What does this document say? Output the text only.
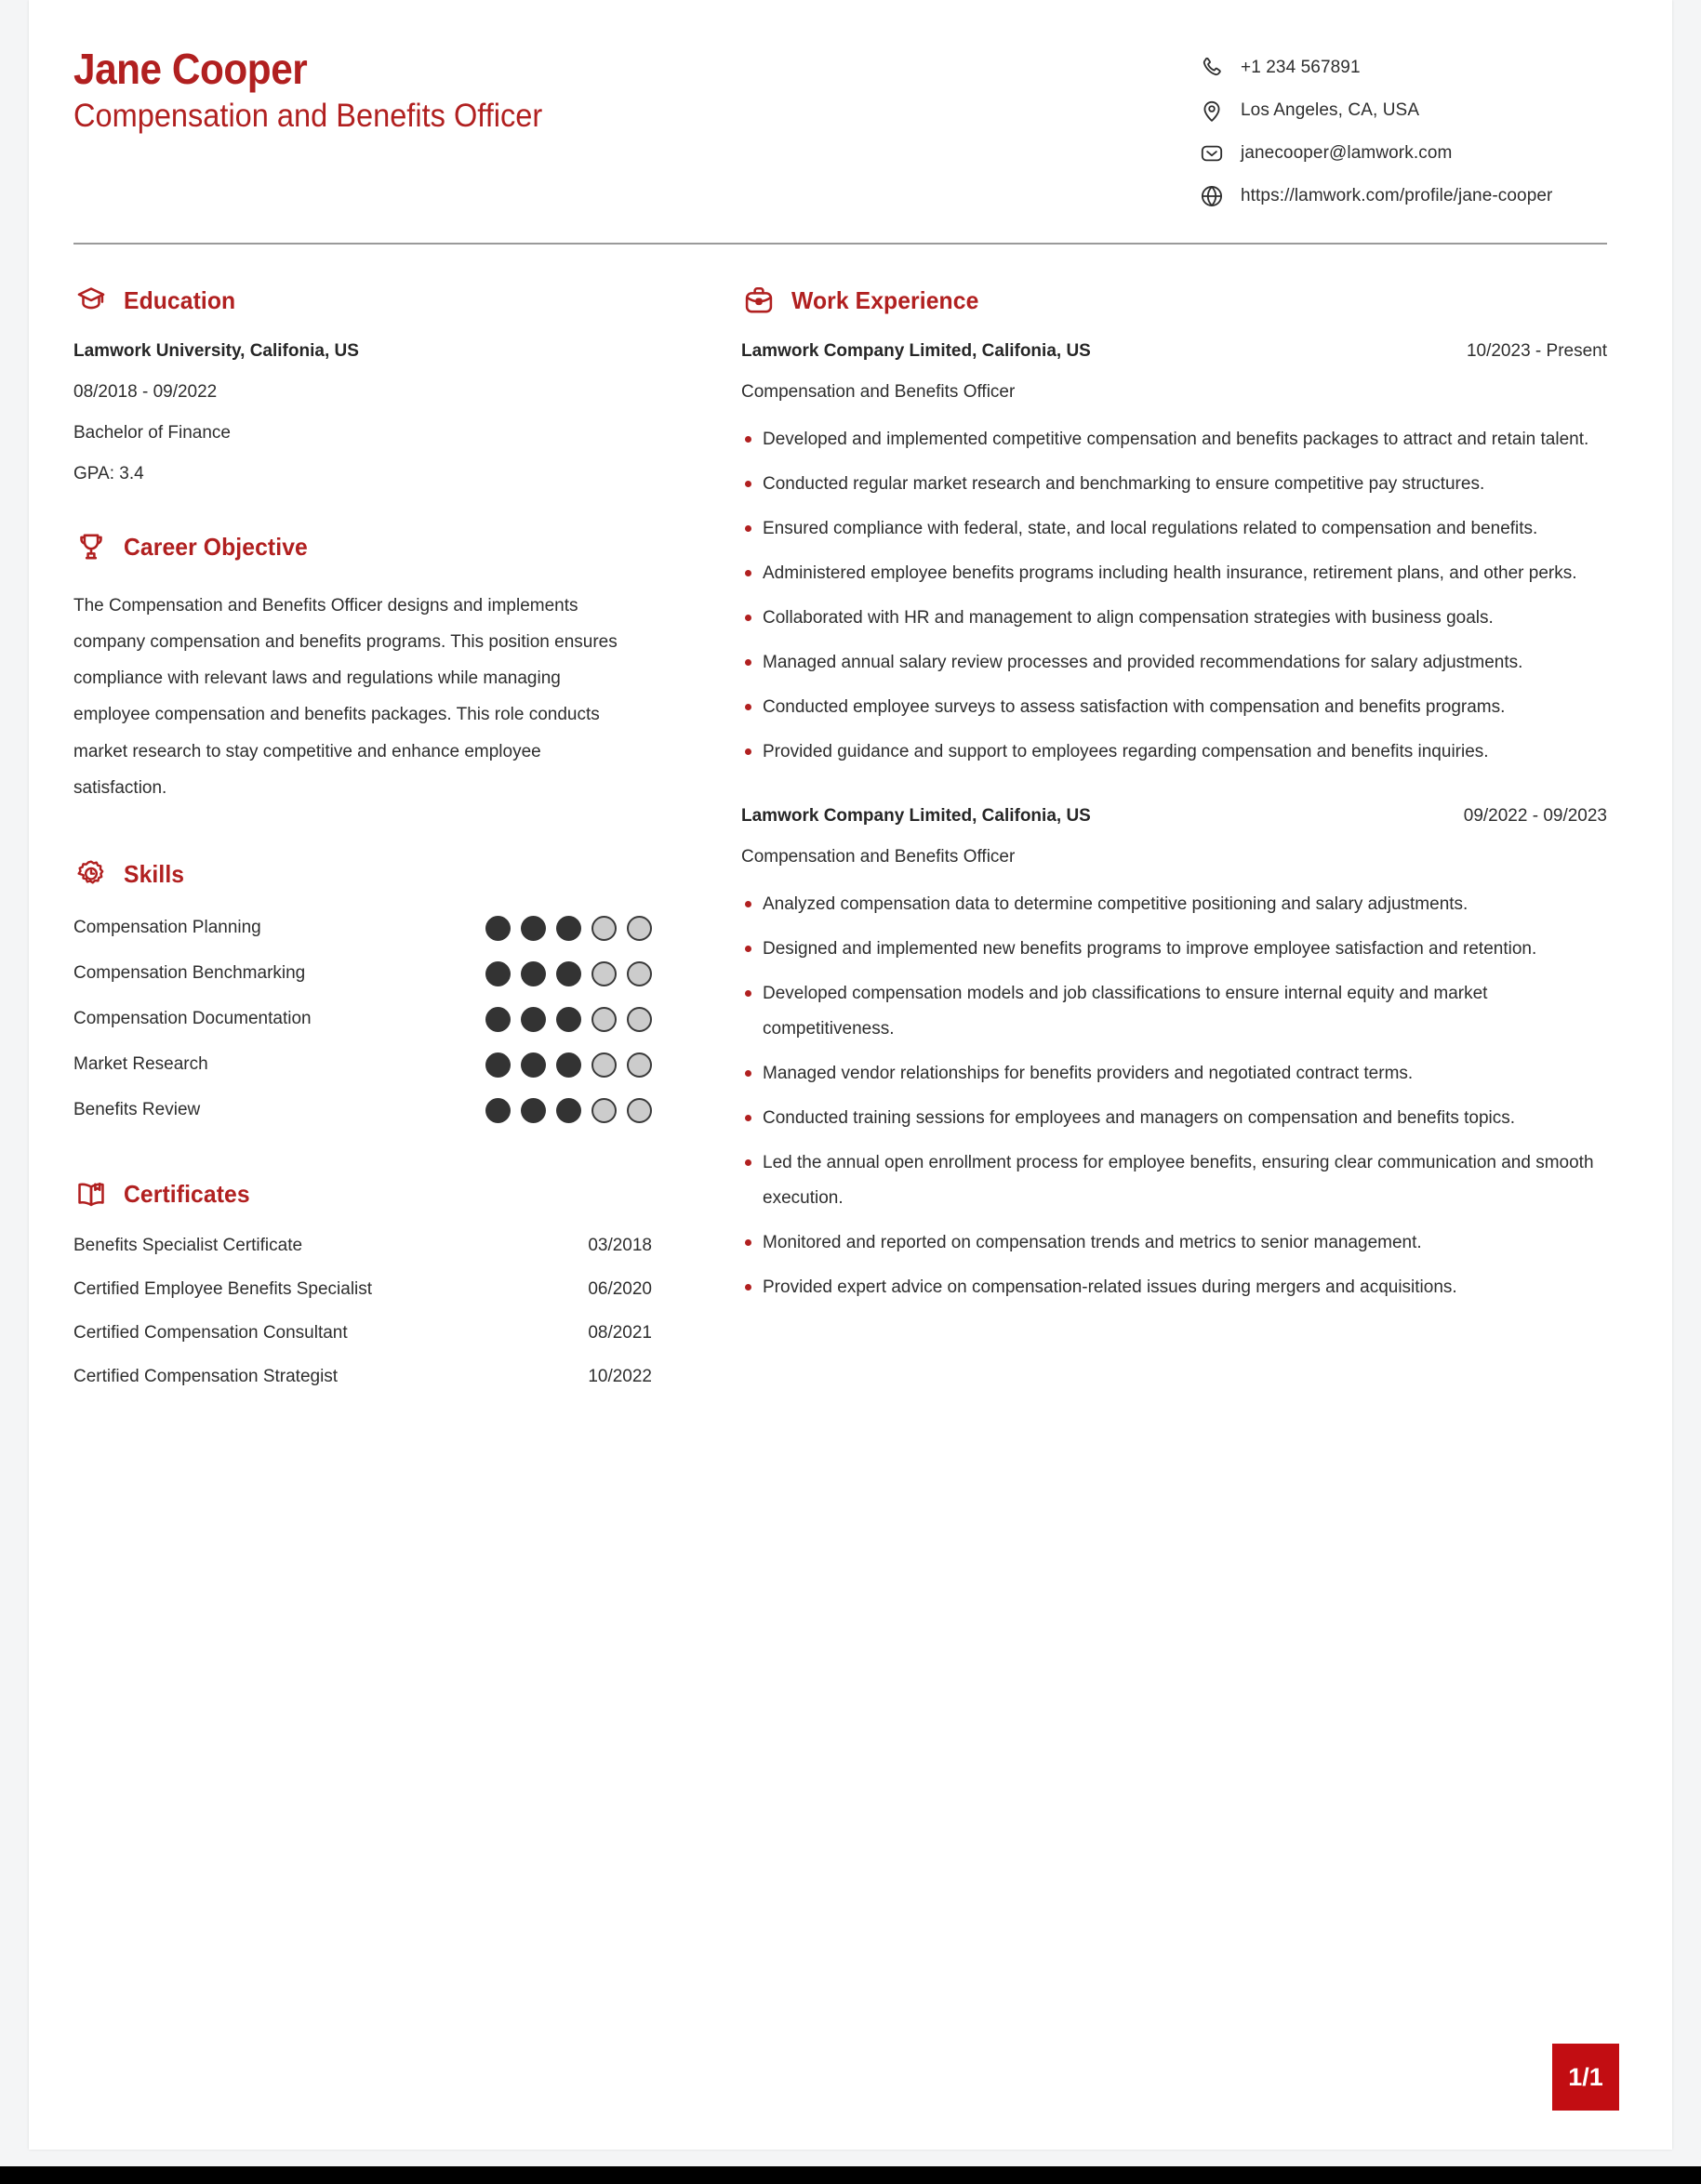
Jane Cooper
Compensation and Benefits Officer
+1 234 567891
Los Angeles, CA, USA
janecooper@lamwork.com
https://lamwork.com/profile/jane-cooper
Education
Lamwork University, Califonia, US
08/2018 - 09/2022
Bachelor of Finance
GPA: 3.4
Career Objective
The Compensation and Benefits Officer designs and implements company compensation and benefits programs. This position ensures compliance with relevant laws and regulations while managing employee compensation and benefits packages. This role conducts market research to stay competitive and enhance employee satisfaction.
Skills
Compensation Planning
Compensation Benchmarking
Compensation Documentation
Market Research
Benefits Review
Certificates
Benefits Specialist Certificate	03/2018
Certified Employee Benefits Specialist	06/2020
Certified Compensation Consultant	08/2021
Certified Compensation Strategist	10/2022
Work Experience
Lamwork Company Limited, Califonia, US	10/2023 - Present
Compensation and Benefits Officer
Developed and implemented competitive compensation and benefits packages to attract and retain talent.
Conducted regular market research and benchmarking to ensure competitive pay structures.
Ensured compliance with federal, state, and local regulations related to compensation and benefits.
Administered employee benefits programs including health insurance, retirement plans, and other perks.
Collaborated with HR and management to align compensation strategies with business goals.
Managed annual salary review processes and provided recommendations for salary adjustments.
Conducted employee surveys to assess satisfaction with compensation and benefits programs.
Provided guidance and support to employees regarding compensation and benefits inquiries.
Lamwork Company Limited, Califonia, US	09/2022 - 09/2023
Compensation and Benefits Officer
Analyzed compensation data to determine competitive positioning and salary adjustments.
Designed and implemented new benefits programs to improve employee satisfaction and retention.
Developed compensation models and job classifications to ensure internal equity and market competitiveness.
Managed vendor relationships for benefits providers and negotiated contract terms.
Conducted training sessions for employees and managers on compensation and benefits topics.
Led the annual open enrollment process for employee benefits, ensuring clear communication and smooth execution.
Monitored and reported on compensation trends and metrics to senior management.
Provided expert advice on compensation-related issues during mergers and acquisitions.
1/1
